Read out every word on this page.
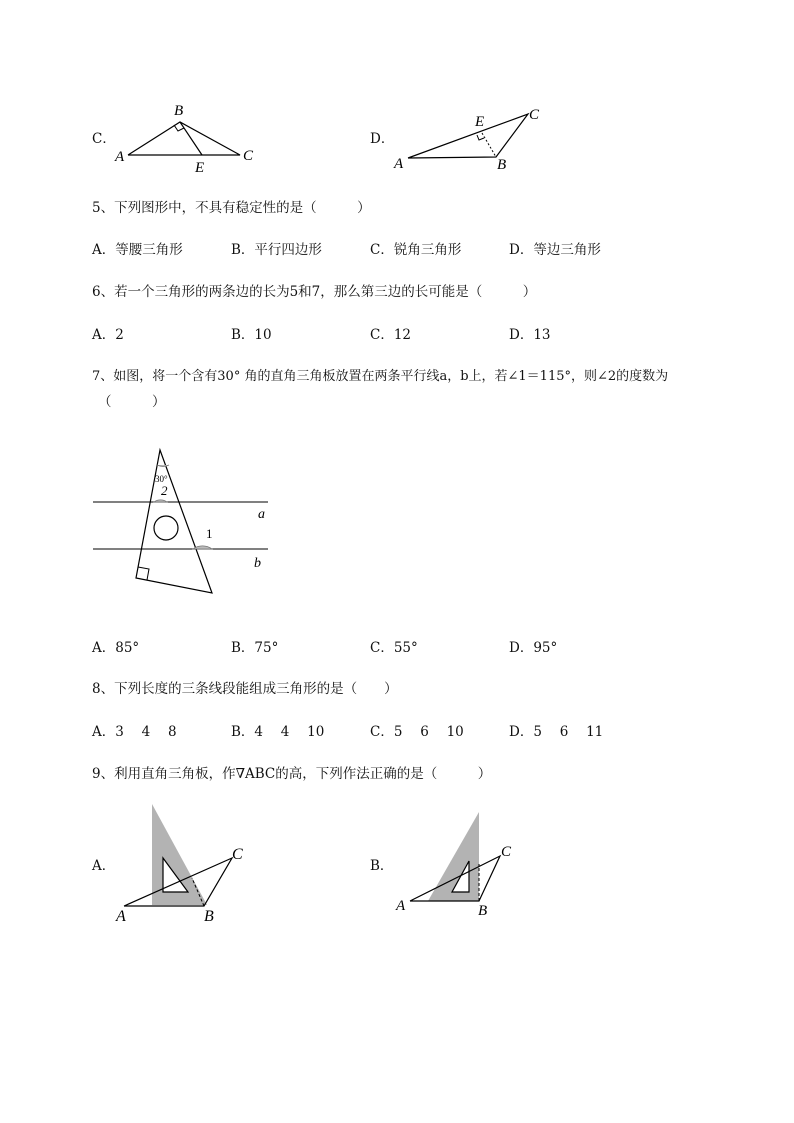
C．
B
A	C
E
D．
A	B
C
E
5、下列图形中，不具有稳定性的是（　　　）
A．等腰三角形	B．平行四边形	C．锐角三角形	D．等边三角形
6、若一个三角形的两条边的长为5和7，那么第三边的长可能是（　　　）
A．2	B．10	C．12	D．13
7、如图，将一个含有30° 角的直角三角板放置在两条平行线a，b上，若∠1＝115°，则∠2的度数为
（　　　）
30°
2
1
a
b
A．85°	B．75°	C．55°	D．95°
8、下列长度的三条线段能组成三角形的是（　　）
A．3　 4　 8	B．4　 4　 10	C．5　 6　 10	D．5　 6　 11
9、利用直角三角板，作∇ABC的高，下列作法正确的是（　　　）
A．
A	B
C
B．
A	B
C
